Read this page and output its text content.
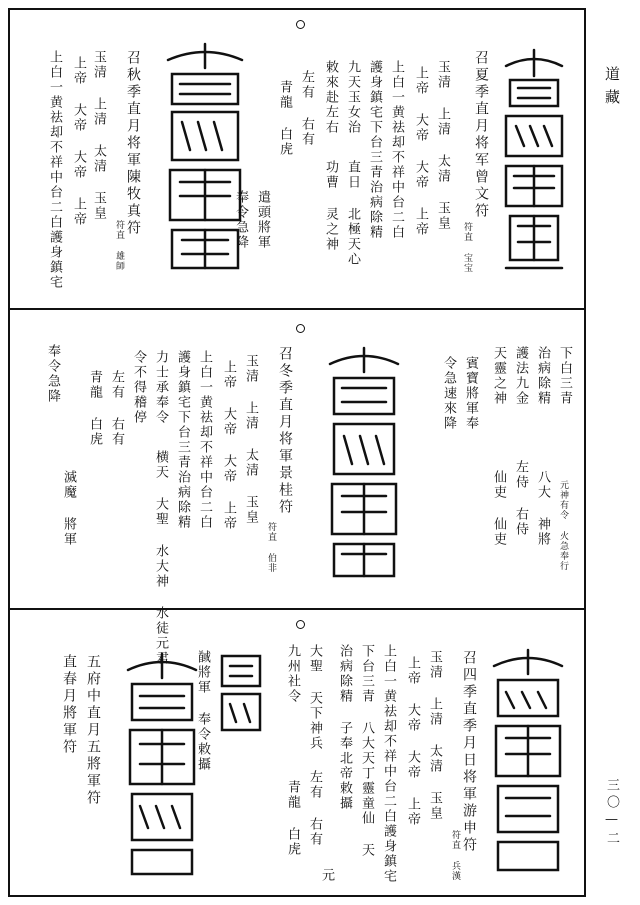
召夏季直月将军曾文符
符直 宝宝
玉清 上清 太清 玉皇
上帝 大帝 大帝 上帝
上白一黄祛却不祥中台二白
護身鎮宅下台三青治病除精
九天玉女治
敕來赴左右
直日 北極天心
功曹 灵之神
左有 右有
青龍 白虎
遣頭將軍
奉令急降
召秋季直月将軍陳牧真符
符直 雄師
玉清 上清 太清 玉皇
上帝 大帝 大帝 上帝
上白一黄祛却不祥中台二白護身鎮宅
下白三青
治病除精
護法九金
天靈之神
賓寶將軍奉
令急速來降
八大 神將
左侍 右侍
仙吏 仙吏	元神有令 火急奉行
召冬季直月将軍景桂符
符直 伯非
玉清 上清 太清 玉皇
上帝 大帝 大帝 上帝
上白一黄祛却不祥中台二白
護身鎮宅下台三青治病除精
力士承奉令
令不得稽停
横天 大聖 水大神 水徒元君
滅魔 將軍
左有 右有
青龍 白虎
奉令急降
召四季直季月日将軍游申符
符直 兵漢
玉清 上清 太清 玉皇
上帝 大帝 大帝 上帝
上白一黄祛却不祥中台二白護身鎮宅
下台三青 八大天丁靈童仙 天
治病除精 子奉北帝敕攝
大聖 天下神兵
九州社令
左有 右有
青龍 白虎
元
馘將軍 奉令敕攝
五府中直月五將軍符
直春月將軍符
道藏
三〇—二
